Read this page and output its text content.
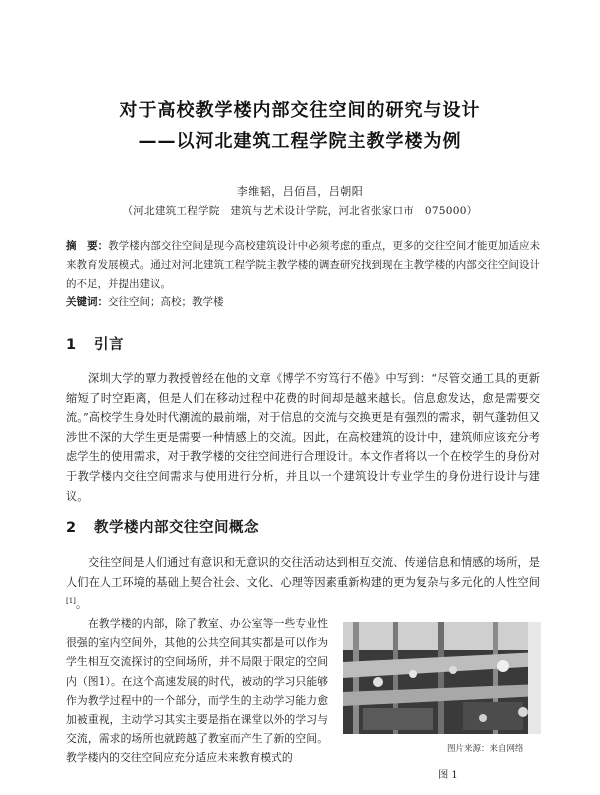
对于高校教学楼内部交往空间的研究与设计
——以河北建筑工程学院主教学楼为例
李维韬，吕佰昌，吕朝阳
（河北建筑工程学院　建筑与艺术设计学院，河北省张家口市　075000）
摘　要：教学楼内部交往空间是现今高校建筑设计中必须考虑的重点，更多的交往空间才能更加适应未来教育发展模式。通过对河北建筑工程学院主教学楼的调查研究找到现在主教学楼的内部交往空间设计的不足，并提出建议。
关键词：交往空间；高校；教学楼
1 引言
深圳大学的覃力教授曾经在他的文章《博学不穷笃行不倦》中写到：“尽管交通工具的更新缩短了时空距离，但是人们在移动过程中花费的时间却是越来越长。信息愈发达，愈是需要交流。”高校学生身处时代潮流的最前端，对于信息的交流与交换更是有强烈的需求，朝气蓬勃但又涉世不深的大学生更是需要一种情感上的交流。因此，在高校建筑的设计中，建筑师应该充分考虑学生的使用需求，对于教学楼的交往空间进行合理设计。本文作者将以一个在校学生的身份对于教学楼内交往空间需求与使用进行分析，并且以一个建筑设计专业学生的身份进行设计与建议。
2 教学楼内部交往空间概念
交往空间是人们通过有意识和无意识的交往活动达到相互交流、传递信息和情感的场所，是人们在人工环境的基础上契合社会、文化、心理等因素重新构建的更为复杂与多元化的人性空间[1]。
在教学楼的内部，除了教室、办公室等一些专业性很强的室内空间外，其他的公共空间其实都是可以作为学生相互交流探讨的空间场所，并不局限于限定的空间内（图1）。在这个高速发展的时代，被动的学习只能够作为教学过程中的一个部分，而学生的主动学习能力愈加被重视，主动学习其实主要是指在课堂以外的学习与交流，需求的场所也就跨越了教室而产生了新的空间。教学楼内的交往空间应充分适应未来教育模式的
图片来源：来自网络
图 1
